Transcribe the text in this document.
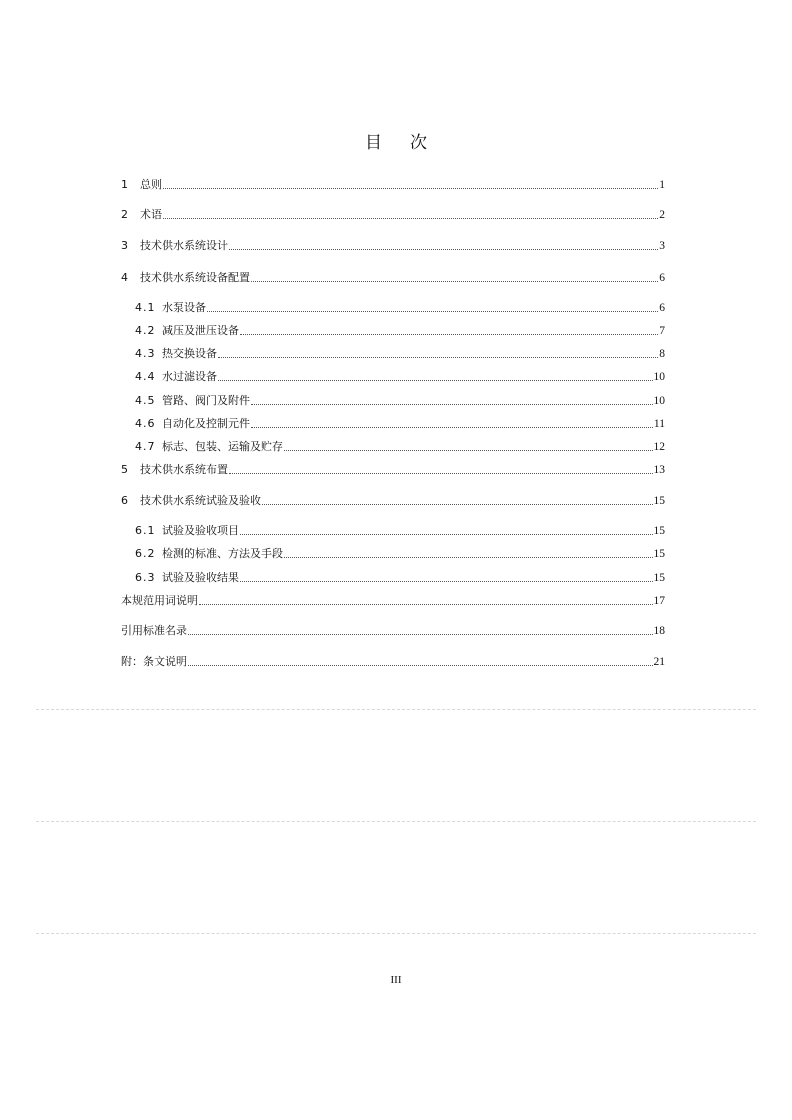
目 次
1	总则	1
2	术语	2
3	技术供水系统设计	3
4	技术供水系统设备配置	6
4.1 水泵设备	6
4.2 减压及泄压设备	7
4.3 热交换设备	8
4.4 水过滤设备	10
4.5 管路、阀门及附件	10
4.6 自动化及控制元件	11
4.7 标志、包装、运输及贮存	12
5	技术供水系统布置	13
6	技术供水系统试验及验收	15
6.1 试验及验收项目	15
6.2 检测的标准、方法及手段	15
6.3 试验及验收结果	15
本规范用词说明	17
引用标准名录	18
附：条文说明	21
III
